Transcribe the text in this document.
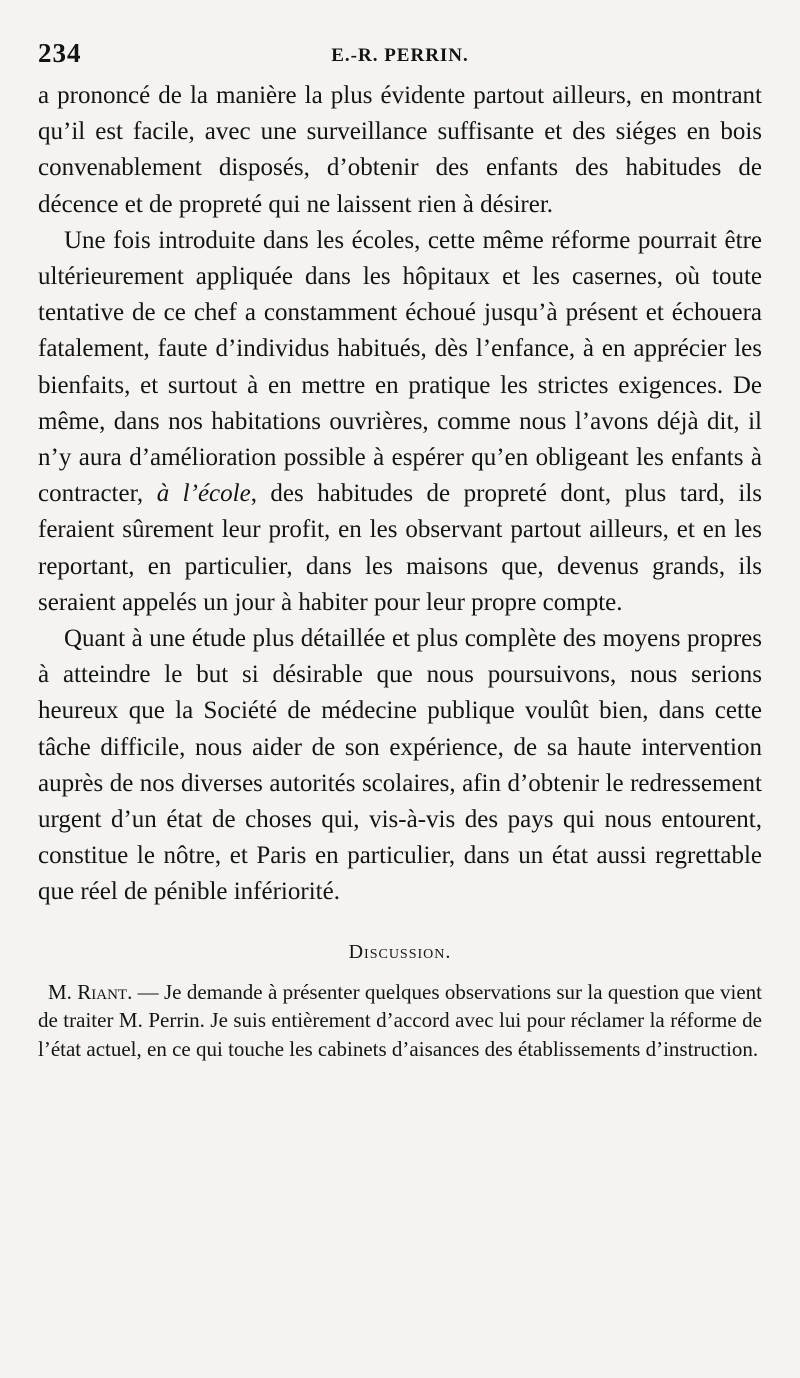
234	E.-R. PERRIN.

a prononcé de la manière la plus évidente partout ailleurs, en montrant qu’il est facile, avec une surveillance suffisante et des siéges en bois convenablement disposés, d’obtenir des enfants des habitudes de décence et de propreté qui ne laissent rien à désirer.

Une fois introduite dans les écoles, cette même réforme pourrait être ultérieurement appliquée dans les hôpitaux et les casernes, où toute tentative de ce chef a constamment échoué jusqu’à présent et échouera fatalement, faute d’individus habitués, dès l’enfance, à en apprécier les bienfaits, et surtout à en mettre en pratique les strictes exigences. De même, dans nos habitations ouvrières, comme nous l’avons déjà dit, il n’y aura d’amélioration possible à espérer qu’en obligeant les enfants à contracter, à l’école, des habitudes de propreté dont, plus tard, ils feraient sûrement leur profit, en les observant partout ailleurs, et en les reportant, en particulier, dans les maisons que, devenus grands, ils seraient appelés un jour à habiter pour leur propre compte.

Quant à une étude plus détaillée et plus complète des moyens propres à atteindre le but si désirable que nous poursuivons, nous serions heureux que la Société de médecine publique voulût bien, dans cette tâche difficile, nous aider de son expérience, de sa haute intervention auprès de nos diverses autorités scolaires, afin d’obtenir le redressement urgent d’un état de choses qui, vis-à-vis des pays qui nous entourent, constitue le nôtre, et Paris en particulier, dans un état aussi regrettable que réel de pénible infériorité.

Discussion.

M. Riant. — Je demande à présenter quelques observations sur la question que vient de traiter M. Perrin. Je suis entièrement d’accord avec lui pour réclamer la réforme de l’état actuel, en ce qui touche les cabinets d’aisances des établissements d’instruction.
